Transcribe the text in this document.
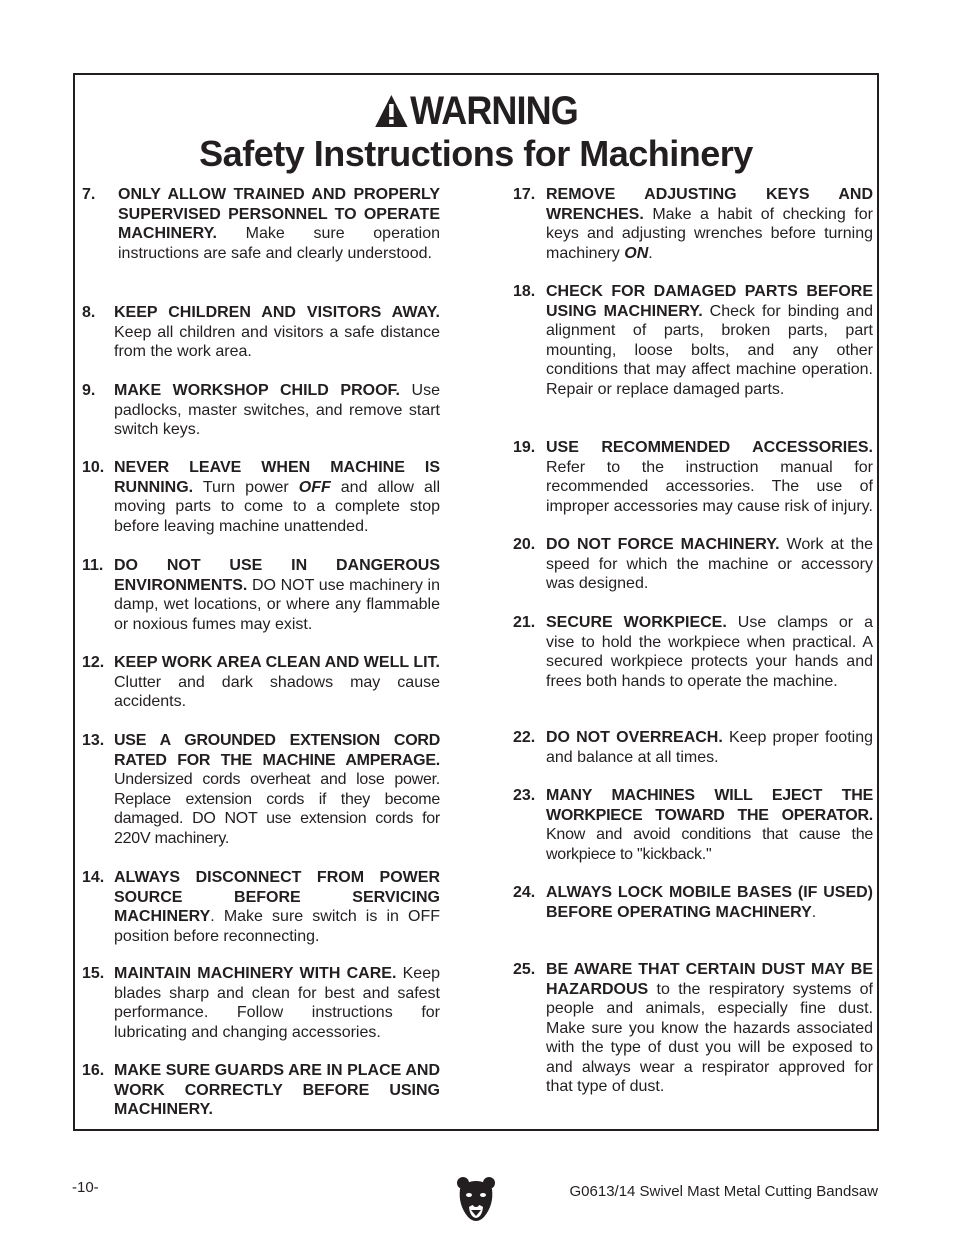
WARNING
Safety Instructions for Machinery
7.	ONLY ALLOW TRAINED AND PROPERLY SUPERVISED PERSONNEL TO OPERATE MACHINERY. Make sure operation instructions are safe and clearly understood.
8.	KEEP CHILDREN AND VISITORS AWAY. Keep all children and visitors a safe distance from the work area.
9.	MAKE WORKSHOP CHILD PROOF. Use padlocks, master switches, and remove start switch keys.
10. NEVER LEAVE WHEN MACHINE IS RUNNING. Turn power OFF and allow all moving parts to come to a complete stop before leaving machine unattended.
11. DO NOT USE IN DANGEROUS ENVIRONMENTS. DO NOT use machinery in damp, wet locations, or where any flammable or noxious fumes may exist.
12. KEEP WORK AREA CLEAN AND WELL LIT. Clutter and dark shadows may cause accidents.
13. USE A GROUNDED EXTENSION CORD RATED FOR THE MACHINE AMPERAGE. Undersized cords overheat and lose power. Replace extension cords if they become damaged. DO NOT use extension cords for 220V machinery.
14. ALWAYS DISCONNECT FROM POWER SOURCE BEFORE SERVICING MACHINERY. Make sure switch is in OFF position before reconnecting.
15. MAINTAIN MACHINERY WITH CARE. Keep blades sharp and clean for best and safest performance. Follow instructions for lubricating and changing accessories.
16. MAKE SURE GUARDS ARE IN PLACE AND WORK CORRECTLY BEFORE USING MACHINERY.
17. REMOVE ADJUSTING KEYS AND WRENCHES. Make a habit of checking for keys and adjusting wrenches before turning machinery ON.
18. CHECK FOR DAMAGED PARTS BEFORE USING MACHINERY. Check for binding and alignment of parts, broken parts, part mounting, loose bolts, and any other conditions that may affect machine operation. Repair or replace damaged parts.
19. USE RECOMMENDED ACCESSORIES. Refer to the instruction manual for recommended accessories. The use of improper accessories may cause risk of injury.
20. DO NOT FORCE MACHINERY. Work at the speed for which the machine or accessory was designed.
21. SECURE WORKPIECE. Use clamps or a vise to hold the workpiece when practical. A secured workpiece protects your hands and frees both hands to operate the machine.
22. DO NOT OVERREACH. Keep proper footing and balance at all times.
23. MANY MACHINES WILL EJECT THE WORKPIECE TOWARD THE OPERATOR. Know and avoid conditions that cause the workpiece to "kickback."
24. ALWAYS LOCK MOBILE BASES (IF USED) BEFORE OPERATING MACHINERY.
25. BE AWARE THAT CERTAIN DUST MAY BE HAZARDOUS to the respiratory systems of people and animals, especially fine dust. Make sure you know the hazards associated with the type of dust you will be exposed to and always wear a respirator approved for that type of dust.
-10-	G0613/14 Swivel Mast Metal Cutting Bandsaw
